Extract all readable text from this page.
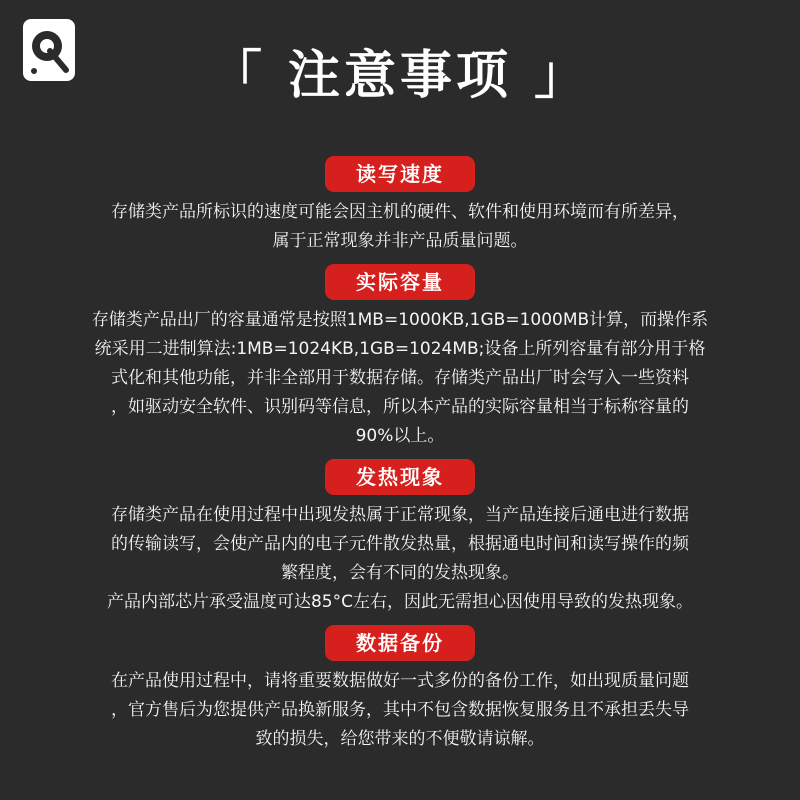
「 注意事项 」
读写速度

存储类产品所标识的速度可能会因主机的硬件、软件和使用环境而有所差异，
属于正常现象并非产品质量问题。

实际容量

存储类产品出厂的容量通常是按照1MB=1000KB,1GB=1000MB计算，而操作系
统采用二进制算法:1MB=1024KB,1GB=1024MB;设备上所列容量有部分用于格
式化和其他功能，并非全部用于数据存储。存储类产品出厂时会写入一些资料
，如驱动安全软件、识别码等信息，所以本产品的实际容量相当于标称容量的
90%以上。

发热现象

存储类产品在使用过程中出现发热属于正常现象，当产品连接后通电进行数据
的传输读写，会使产品内的电子元件散发热量，根据通电时间和读写操作的频
繁程度，会有不同的发热现象。
产品内部芯片承受温度可达85°C左右，因此无需担心因使用导致的发热现象。

数据备份

在产品使用过程中，请将重要数据做好一式多份的备份工作，如出现质量问题
，官方售后为您提供产品换新服务，其中不包含数据恢复服务且不承担丢失导
致的损失，给您带来的不便敬请谅解。
